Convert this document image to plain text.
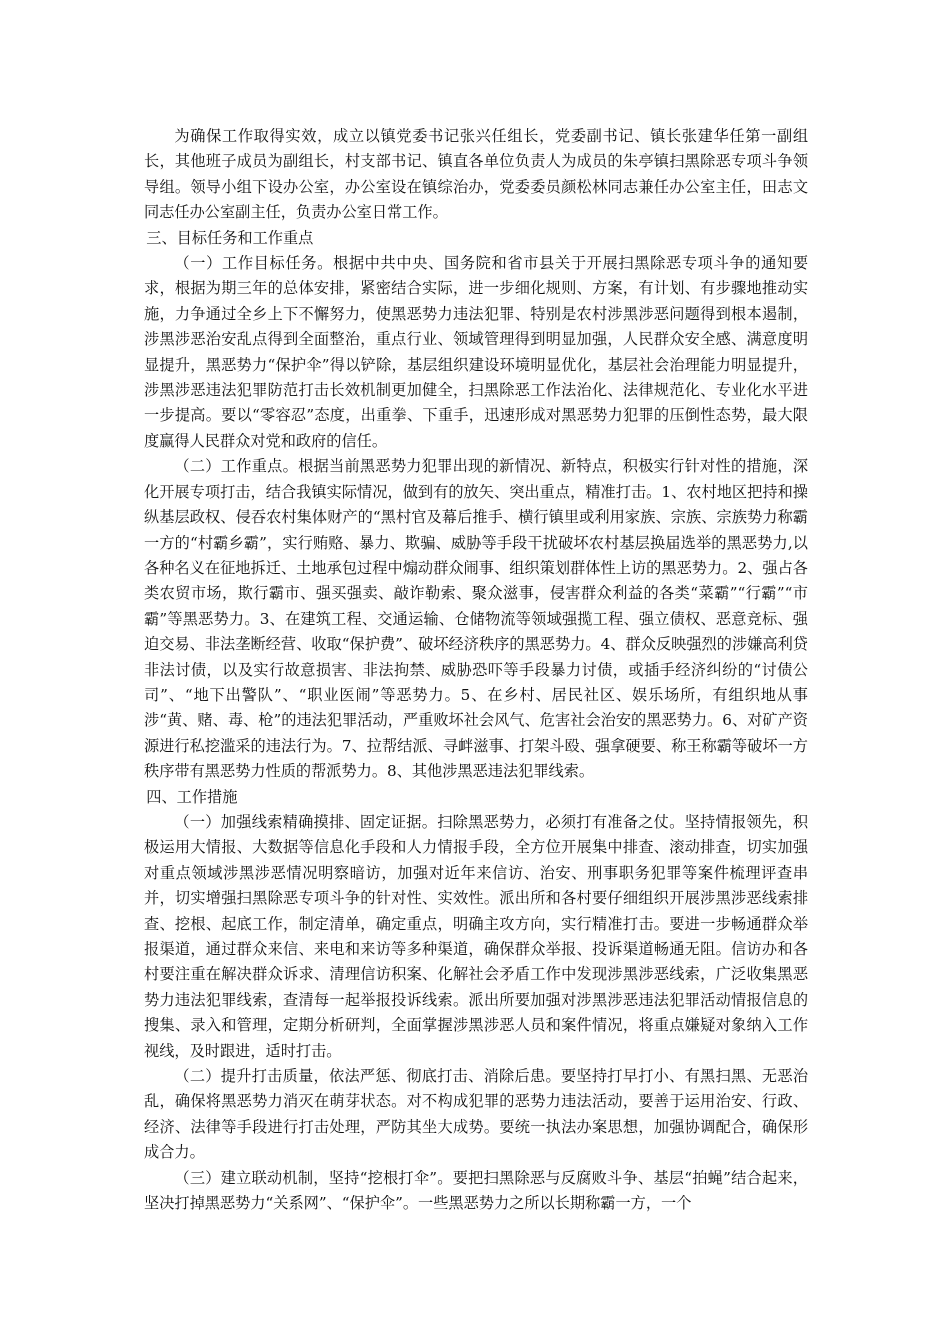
为确保工作取得实效，成立以镇党委书记张兴任组长，党委副书记、镇长张建华任第一副组长，其他班子成员为副组长，村支部书记、镇直各单位负责人为成员的朱亭镇扫黑除恶专项斗争领导组。领导小组下设办公室，办公室设在镇综治办，党委委员颜松林同志兼任办公室主任，田志文同志任办公室副主任，负责办公室日常工作。

三、目标任务和工作重点

（一）工作目标任务。根据中共中央、国务院和省市县关于开展扫黑除恶专项斗争的通知要求，根据为期三年的总体安排，紧密结合实际，进一步细化规则、方案，有计划、有步骤地推动实施，力争通过全乡上下不懈努力，使黑恶势力违法犯罪、特别是农村涉黑涉恶问题得到根本遏制，涉黑涉恶治安乱点得到全面整治，重点行业、领域管理得到明显加强，人民群众安全感、满意度明显提升，黑恶势力“保护伞”得以铲除，基层组织建设环境明显优化，基层社会治理能力明显提升，涉黑涉恶违法犯罪防范打击长效机制更加健全，扫黑除恶工作法治化、法律规范化、专业化水平进一步提高。要以“零容忍”态度，出重拳、下重手，迅速形成对黑恶势力犯罪的压倒性态势，最大限度赢得人民群众对党和政府的信任。

（二）工作重点。根据当前黑恶势力犯罪出现的新情况、新特点，积极实行针对性的措施，深化开展专项打击，结合我镇实际情况，做到有的放矢、突出重点，精准打击。1、农村地区把持和操纵基层政权、侵吞农村集体财产的“黑村官及幕后推手、横行镇里或利用家族、宗族、宗族势力称霸一方的“村霸乡霸”，实行贿赂、暴力、欺骗、威胁等手段干扰破坏农村基层换届选举的黑恶势力,以各种名义在征地拆迁、土地承包过程中煽动群众闹事、组织策划群体性上访的黑恶势力。2、强占各类农贸市场，欺行霸市、强买强卖、敲诈勒索、聚众滋事，侵害群众利益的各类“菜霸”“行霸”“市霸”等黑恶势力。3、在建筑工程、交通运输、仓储物流等领域强揽工程、强立债权、恶意竞标、强迫交易、非法垄断经营、收取“保护费”、破坏经济秩序的黑恶势力。4、群众反映强烈的涉嫌高利贷非法讨债，以及实行故意损害、非法拘禁、威胁恐吓等手段暴力讨债，或插手经济纠纷的“讨债公司”、“地下出警队”、“职业医闹”等恶势力。5、在乡村、居民社区、娱乐场所，有组织地从事涉“黄、赌、毒、枪”的违法犯罪活动，严重败坏社会风气、危害社会治安的黑恶势力。6、对矿产资源进行私挖滥采的违法行为。7、拉帮结派、寻衅滋事、打架斗殴、强拿硬要、称王称霸等破坏一方秩序带有黑恶势力性质的帮派势力。8、其他涉黑恶违法犯罪线索。

四、工作措施

（一）加强线索精确摸排、固定证据。扫除黑恶势力，必须打有准备之仗。坚持情报领先，积极运用大情报、大数据等信息化手段和人力情报手段，全方位开展集中排查、滚动排查，切实加强对重点领域涉黑涉恶情况明察暗访，加强对近年来信访、治安、刑事职务犯罪等案件梳理评查串并，切实增强扫黑除恶专项斗争的针对性、实效性。派出所和各村要仔细组织开展涉黑涉恶线索排查、挖根、起底工作，制定清单，确定重点，明确主攻方向，实行精准打击。要进一步畅通群众举报渠道，通过群众来信、来电和来访等多种渠道，确保群众举报、投诉渠道畅通无阻。信访办和各村要注重在解决群众诉求、清理信访积案、化解社会矛盾工作中发现涉黑涉恶线索，广泛收集黑恶势力违法犯罪线索，查清每一起举报投诉线索。派出所要加强对涉黑涉恶违法犯罪活动情报信息的搜集、录入和管理，定期分析研判，全面掌握涉黑涉恶人员和案件情况，将重点嫌疑对象纳入工作视线，及时跟进，适时打击。

（二）提升打击质量，依法严惩、彻底打击、消除后患。要坚持打早打小、有黑扫黑、无恶治乱，确保将黑恶势力消灭在萌芽状态。对不构成犯罪的恶势力违法活动，要善于运用治安、行政、经济、法律等手段进行打击处理，严防其坐大成势。要统一执法办案思想，加强协调配合，确保形成合力。

（三）建立联动机制，坚持“挖根打伞”。要把扫黑除恶与反腐败斗争、基层“拍蝇”结合起来，坚决打掉黑恶势力“关系网”、“保护伞”。一些黑恶势力之所以长期称霸一方，一个
